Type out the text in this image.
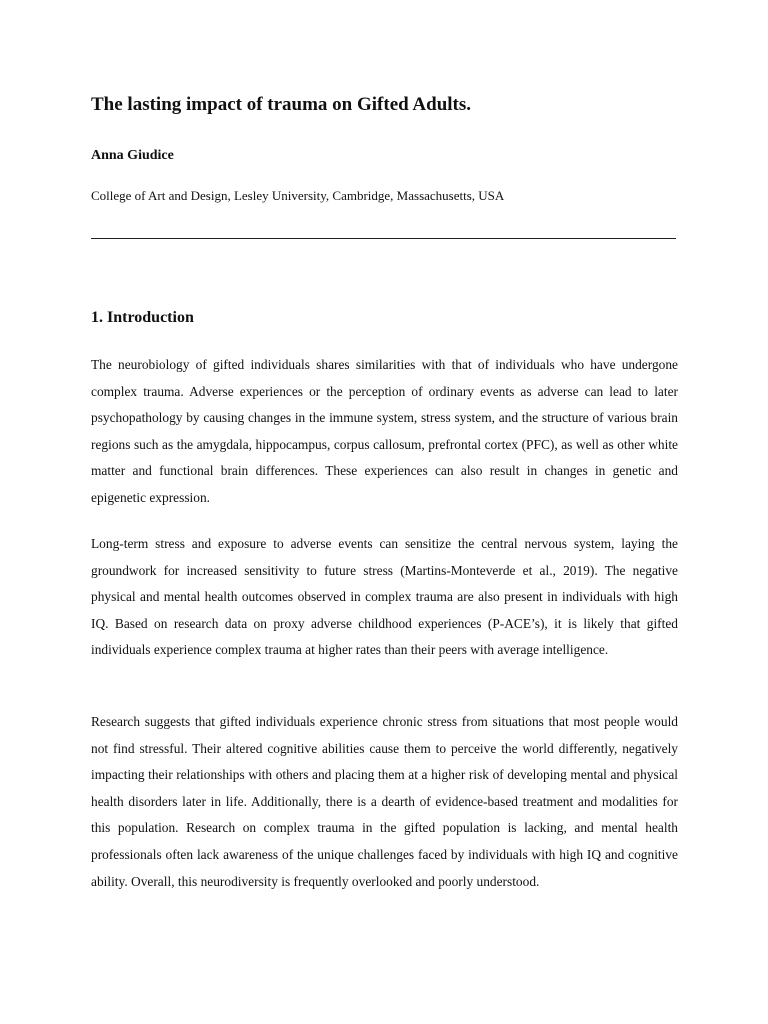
The lasting impact of trauma on Gifted Adults.

Anna Giudice

College of Art and Design, Lesley University, Cambridge, Massachusetts, USA

1. Introduction

The neurobiology of gifted individuals shares similarities with that of individuals who have undergone complex trauma. Adverse experiences or the perception of ordinary events as adverse can lead to later psychopathology by causing changes in the immune system, stress system, and the structure of various brain regions such as the amygdala, hippocampus, corpus callosum, prefrontal cortex (PFC), as well as other white matter and functional brain differences. These experiences can also result in changes in genetic and epigenetic expression.

Long-term stress and exposure to adverse events can sensitize the central nervous system, laying the groundwork for increased sensitivity to future stress (Martins-Monteverde et al., 2019). The negative physical and mental health outcomes observed in complex trauma are also present in individuals with high IQ. Based on research data on proxy adverse childhood experiences (P-ACE’s), it is likely that gifted individuals experience complex trauma at higher rates than their peers with average intelligence.

Research suggests that gifted individuals experience chronic stress from situations that most people would not find stressful. Their altered cognitive abilities cause them to perceive the world differently, negatively impacting their relationships with others and placing them at a higher risk of developing mental and physical health disorders later in life. Additionally, there is a dearth of evidence-based treatment and modalities for this population. Research on complex trauma in the gifted population is lacking, and mental health professionals often lack awareness of the unique challenges faced by individuals with high IQ and cognitive ability. Overall, this neurodiversity is frequently overlooked and poorly understood.
